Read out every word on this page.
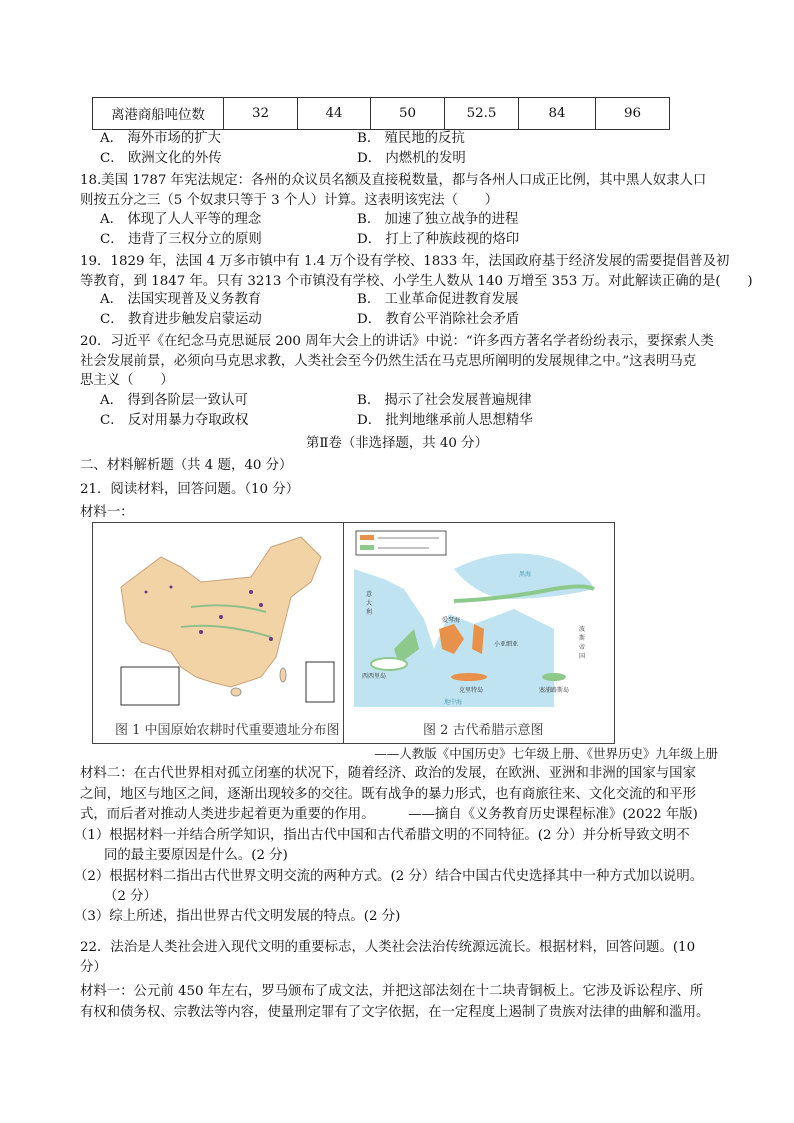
离港商船吨位数	32	44	50	52.5	84	96
A． 海外市场的扩大	B． 殖民地的反抗
C． 欧洲文化的外传	D． 内燃机的发明
18.美国 1787 年宪法规定：各州的众议员名额及直接税数量，都与各州人口成正比例，其中黑人奴隶人口
则按五分之三（5 个奴隶只等于 3 个人）计算。这表明该宪法（　　）
A． 体现了人人平等的理念	B． 加速了独立战争的进程
C． 违背了三权分立的原则	D． 打上了种族歧视的烙印
19．1829 年，法国 4 万多市镇中有 1.4 万个设有学校、1833 年，法国政府基于经济发展的需要提倡普及初
等教育，到 1847 年。只有 3213 个市镇没有学校、小学生人数从 140 万增至 353 万。对此解读正确的是(　　)
A． 法国实现普及义务教育	B． 工业革命促进教育发展
C． 教育进步触发启蒙运动	D． 教育公平消除社会矛盾
20．习近平《在纪念马克思诞辰 200 周年大会上的讲话》中说：“许多西方著名学者纷纷表示，要探索人类
社会发展前景，必须向马克思求教，人类社会至今仍然生活在马克思所阐明的发展规律之中。”这表明马克
思主义（　　）
A． 得到各阶层一致认可	B． 揭示了社会发展普遍规律
C． 反对用暴力夺取政权	D． 批判地继承前人思想精华
第Ⅱ卷（非选择题，共 40 分）
二、材料解析题（共 4 题，40 分）
21．阅读材料，回答问题。（10 分）
材料一：
图 1 中国原始农耕时代重要遗址分布图
爱琴海
小亚细亚
波斯帝国
克里特岛	塞浦路斯岛
西西里岛
意大利
地中海
黑海
图 2 古代希腊示意图
——人教版《中国历史》七年级上册、《世界历史》九年级上册
材料二：在古代世界相对孤立闭塞的状况下，随着经济、政治的发展，在欧洲、亚洲和非洲的国家与国家
之间，地区与地区之间，逐渐出现较多的交往。既有战争的暴力形式，也有商旅往来、文化交流的和平形
式，而后者对推动人类进步起着更为重要的作用。　　　——摘自《义务教育历史课程标准》(2022 年版)
（1）根据材料一并结合所学知识，指出古代中国和古代希腊文明的不同特征。(2 分）并分析导致文明不
同的最主要原因是什么。(2 分)
（2）根据材料二指出古代世界文明交流的两种方式。(2 分）结合中国古代史选择其中一种方式加以说明。
（2 分）
（3）综上所述，指出世界古代文明发展的特点。(2 分)
22．法治是人类社会进入现代文明的重要标志，人类社会法治传统源远流长。根据材料，回答问题。(10
分）
材料一：公元前 450 年左右，罗马颁布了成文法，并把这部法刻在十二块青铜板上。它涉及诉讼程序、所
有权和债务权、宗教法等内容，使量刑定罪有了文字依据，在一定程度上遏制了贵族对法律的曲解和滥用。
